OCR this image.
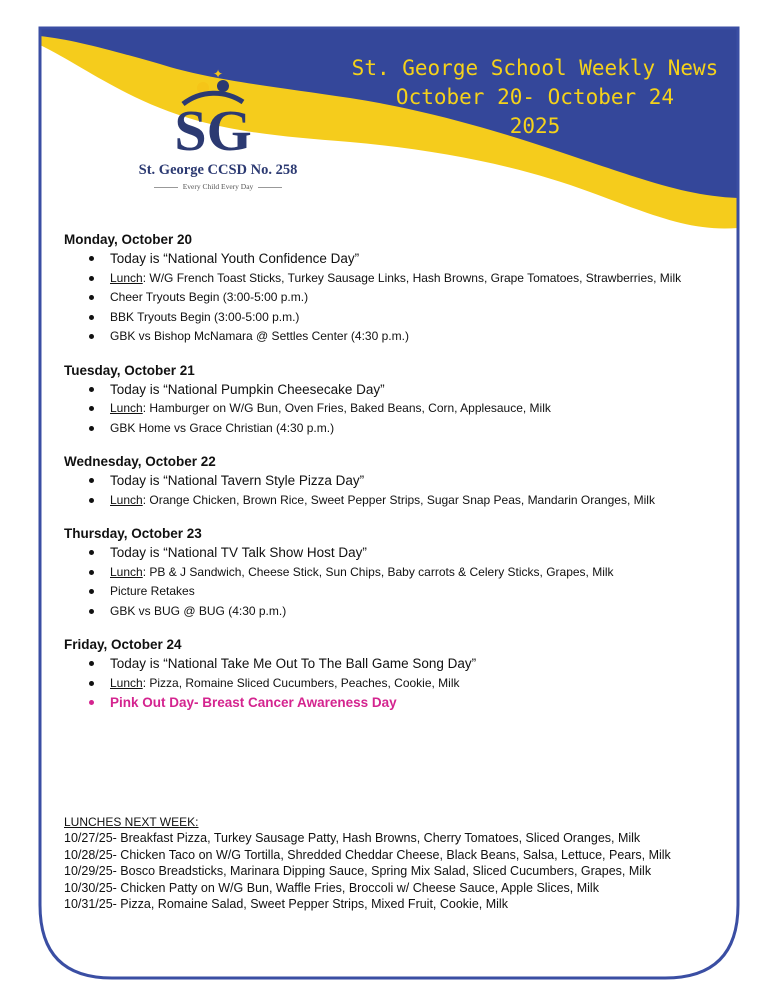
St. George School Weekly News
October 20- October 24
2025
✦
SG
St. George CCSD No. 258
Every Child Every Day
Monday, October 20
Today is “National Youth Confidence Day”
Lunch: W/G French Toast Sticks, Turkey Sausage Links, Hash Browns, Grape Tomatoes, Strawberries, Milk
Cheer Tryouts Begin (3:00-5:00 p.m.)
BBK Tryouts Begin (3:00-5:00 p.m.)
GBK vs Bishop McNamara @ Settles Center (4:30 p.m.)
Tuesday, October 21
Today is “National Pumpkin Cheesecake Day”
Lunch: Hamburger on W/G Bun, Oven Fries, Baked Beans, Corn, Applesauce, Milk
GBK Home vs Grace Christian (4:30 p.m.)
Wednesday, October 22
Today is “National Tavern Style Pizza Day”
Lunch: Orange Chicken, Brown Rice, Sweet Pepper Strips, Sugar Snap Peas, Mandarin Oranges, Milk
Thursday, October 23
Today is “National TV Talk Show Host Day”
Lunch: PB & J Sandwich, Cheese Stick, Sun Chips, Baby carrots & Celery Sticks, Grapes, Milk
Picture Retakes
GBK vs BUG @ BUG (4:30 p.m.)
Friday, October 24
Today is “National Take Me Out To The Ball Game Song Day”
Lunch: Pizza, Romaine Sliced Cucumbers, Peaches, Cookie, Milk
Pink Out Day- Breast Cancer Awareness Day
LUNCHES NEXT WEEK:
10/27/25- Breakfast Pizza, Turkey Sausage Patty, Hash Browns, Cherry Tomatoes, Sliced Oranges, Milk
10/28/25- Chicken Taco on W/G Tortilla, Shredded Cheddar Cheese, Black Beans, Salsa, Lettuce, Pears, Milk
10/29/25- Bosco Breadsticks, Marinara Dipping Sauce, Spring Mix Salad, Sliced Cucumbers, Grapes, Milk
10/30/25- Chicken Patty on W/G Bun, Waffle Fries, Broccoli w/ Cheese Sauce, Apple Slices, Milk
10/31/25- Pizza, Romaine Salad, Sweet Pepper Strips, Mixed Fruit, Cookie, Milk
